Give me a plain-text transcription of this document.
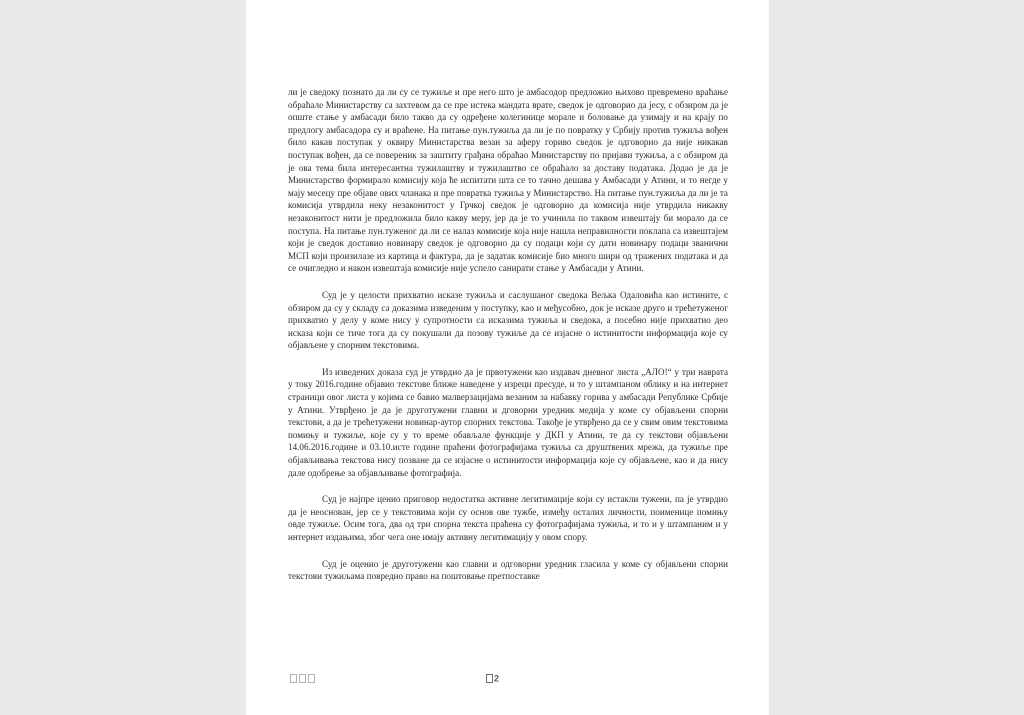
ли је сведоку познато да ли су се тужиље и пре него што је амбасодор предложио њихово превремено враћање обраћале Министарству са захтевом да се пре истека мандата врате, сведок је одговорио да јесу, с обзиром да је опште стање у амбасади било такво да су одређене колегинице морале и боловање да узимају и на крају по предлогу амбасадора су и враћене. На питање пун.тужиља да ли је по повратку у Србију против тужиља вођен било какав поступак у оквиру Министарства везан за аферу гориво сведок је одговорио да није никакав поступак вођен, да се повереник за заштиту грађана обраћао Министарству по пријави тужиља, а с обзиром да је ова тема била интересантна тужилаштву и тужилаштво се обраћало за доставу података. Додао је да је Министарство формирало комисију која ће испитати шта се то тачно дешава у Амбасади у Атини, и то негде у мају месецу пре објаве ових чланака и пре повратка тужиља у Министарство. На питање пун.тужиља да ли је та комисија утврдила неку незаконитост у Грчкој сведок је одговорио да комисија није утврдила никакву незаконитост нити је предложила било какву меру, јер да је то учинила по таквом извештају би морало да се поступа. На питање пун.туженог да ли се налаз комисије која није нашла неправилности поклапа са извештајем који је сведок доставио новинару сведок је одговорио да су подаци који су дати новинару подаци званични МСП који произилазе из картица и фактура, да је задатак комисије био много шири од тражених података и да се очигледно и након извештаја комисије није успело санирати стање у Амбасади у Атини.

Суд је у целости прихватио исказе тужиља и саслушаног сведока Вељка Одаловића као истините, с обзиром да су у складу са доказима изведеним у поступку, као и међусобно, док је исказе друго и трећетуженог прихватио у делу у коме нису у супротности са исказима тужиља и сведока, а посебно није прихватио део исказа који се тиче тога да су покушали да позову тужиље да се изјасне о истинитости информација које су објављене у спорним текстовима.

Из изведених доказа суд је утврдио да је првотужени као издавач дневног листа „АЛО!“ у три наврата у току 2016.године објавио текстове ближе наведене у изреци пресуде, и то у штампаном облику и на интернет страници овог листа у којима се бавио малверзацијама везаним за набавку горива у амбасади Републике Србије у Атини. Утврђено је да је друготужени главни и дговорни уредник медија у коме су објављени спорни текстови, а да је трећетужени новинар-аутор спорних текстова. Такође је утврђено да се у свим овим текстовима помињу и тужиље, које су у то време обављале функције у ДКП у Атини, те да су текстови објављени 14.06.2016.године и 03.10.исте године праћени фотографијама тужиља са друштвених мрежа, да тужиље пре објављивања текстова нису позване да се изјасне о истинитости информација које су објављене, као и да нису дале одобрење за објављивање фотографија.

Суд је најпре ценио приговор недостатка активне легитимације који су истакли тужени, па је утврдио да је неоснован, јер се у текстовима који су основ ове тужбе, између осталих личности, поименице помињу овде тужиље. Осим тога, два од три спорна текста праћена су фотографијама тужиља, и то и у штампаним и у интернет издањима, због чега оне имају активну легитимацију у овом спору.

Суд је оценио је друготужени као главни и одговорни уредник гласила у коме су објављени спорни текстови тужиљама повредио право на поштовање претпоставке

2
